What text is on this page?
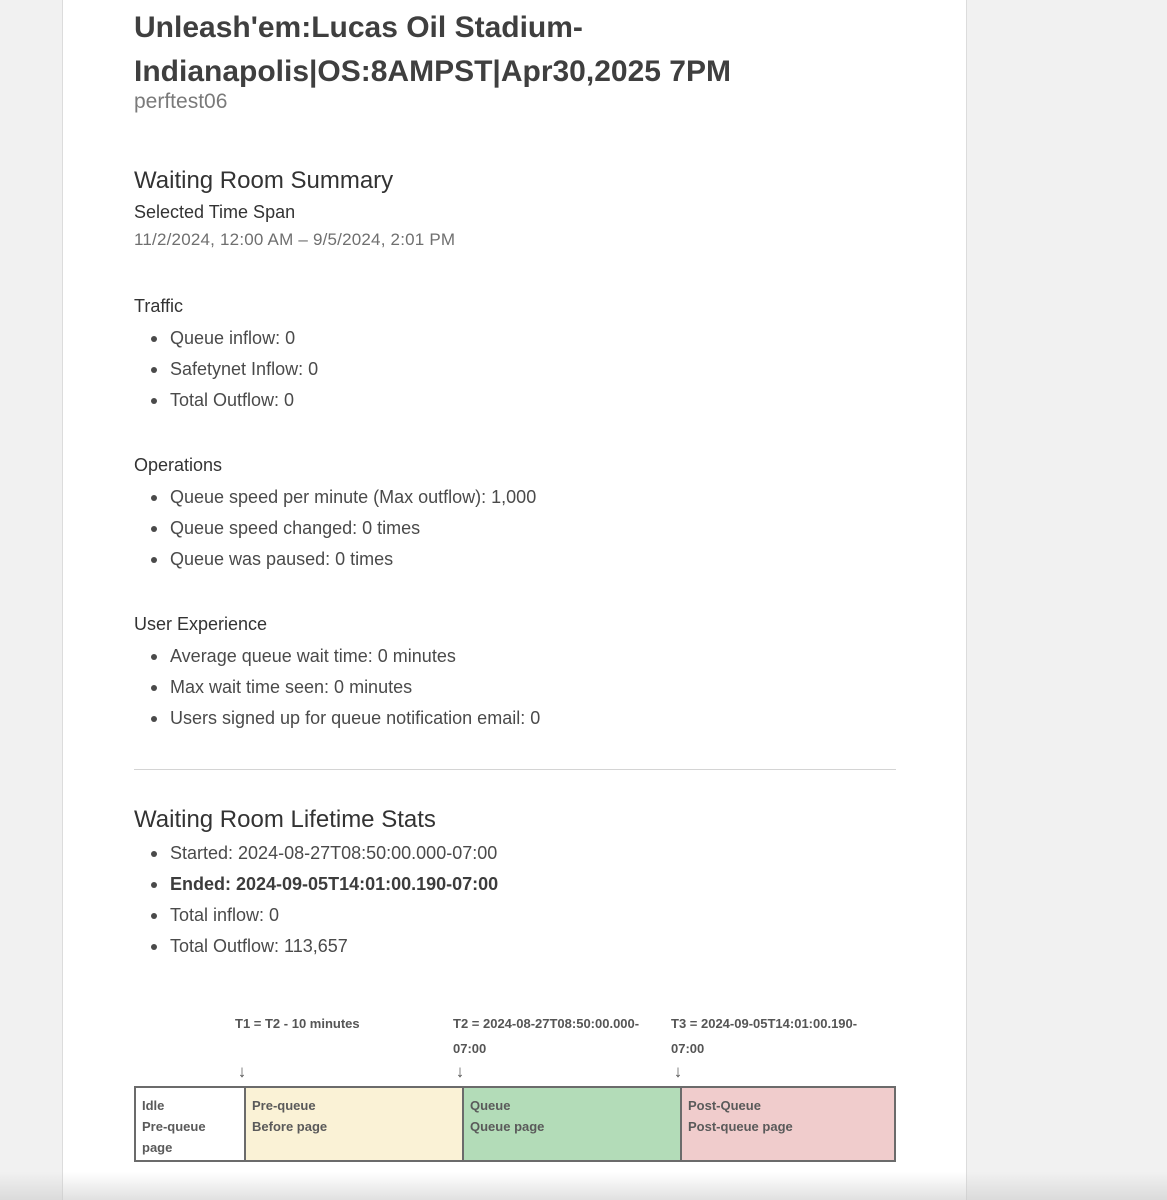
Unleash'em:Lucas Oil Stadium-Indianapolis|OS:8AMPST|Apr30,2025 7PM
perftest06
Waiting Room Summary
Selected Time Span
11/2/2024, 12:00 AM – 9/5/2024, 2:01 PM
Traffic
Queue inflow: 0
Safetynet Inflow: 0
Total Outflow: 0
Operations
Queue speed per minute (Max outflow): 1,000
Queue speed changed: 0 times
Queue was paused: 0 times
User Experience
Average queue wait time: 0 minutes
Max wait time seen: 0 minutes
Users signed up for queue notification email: 0
Waiting Room Lifetime Stats
Started: 2024-08-27T08:50:00.000-07:00
Ended: 2024-09-05T14:01:00.190-07:00
Total inflow: 0
Total Outflow: 113,657
T1 = T2 - 10 minutes	T2 = 2024-08-27T08:50:00.000-07:00
T3 = 2024-09-05T14:01:00.190-07:00
↓	↓	↓
Idle
Pre-queue page
Pre-queue
Before page
Queue
Queue page
Post-Queue
Post-queue page
